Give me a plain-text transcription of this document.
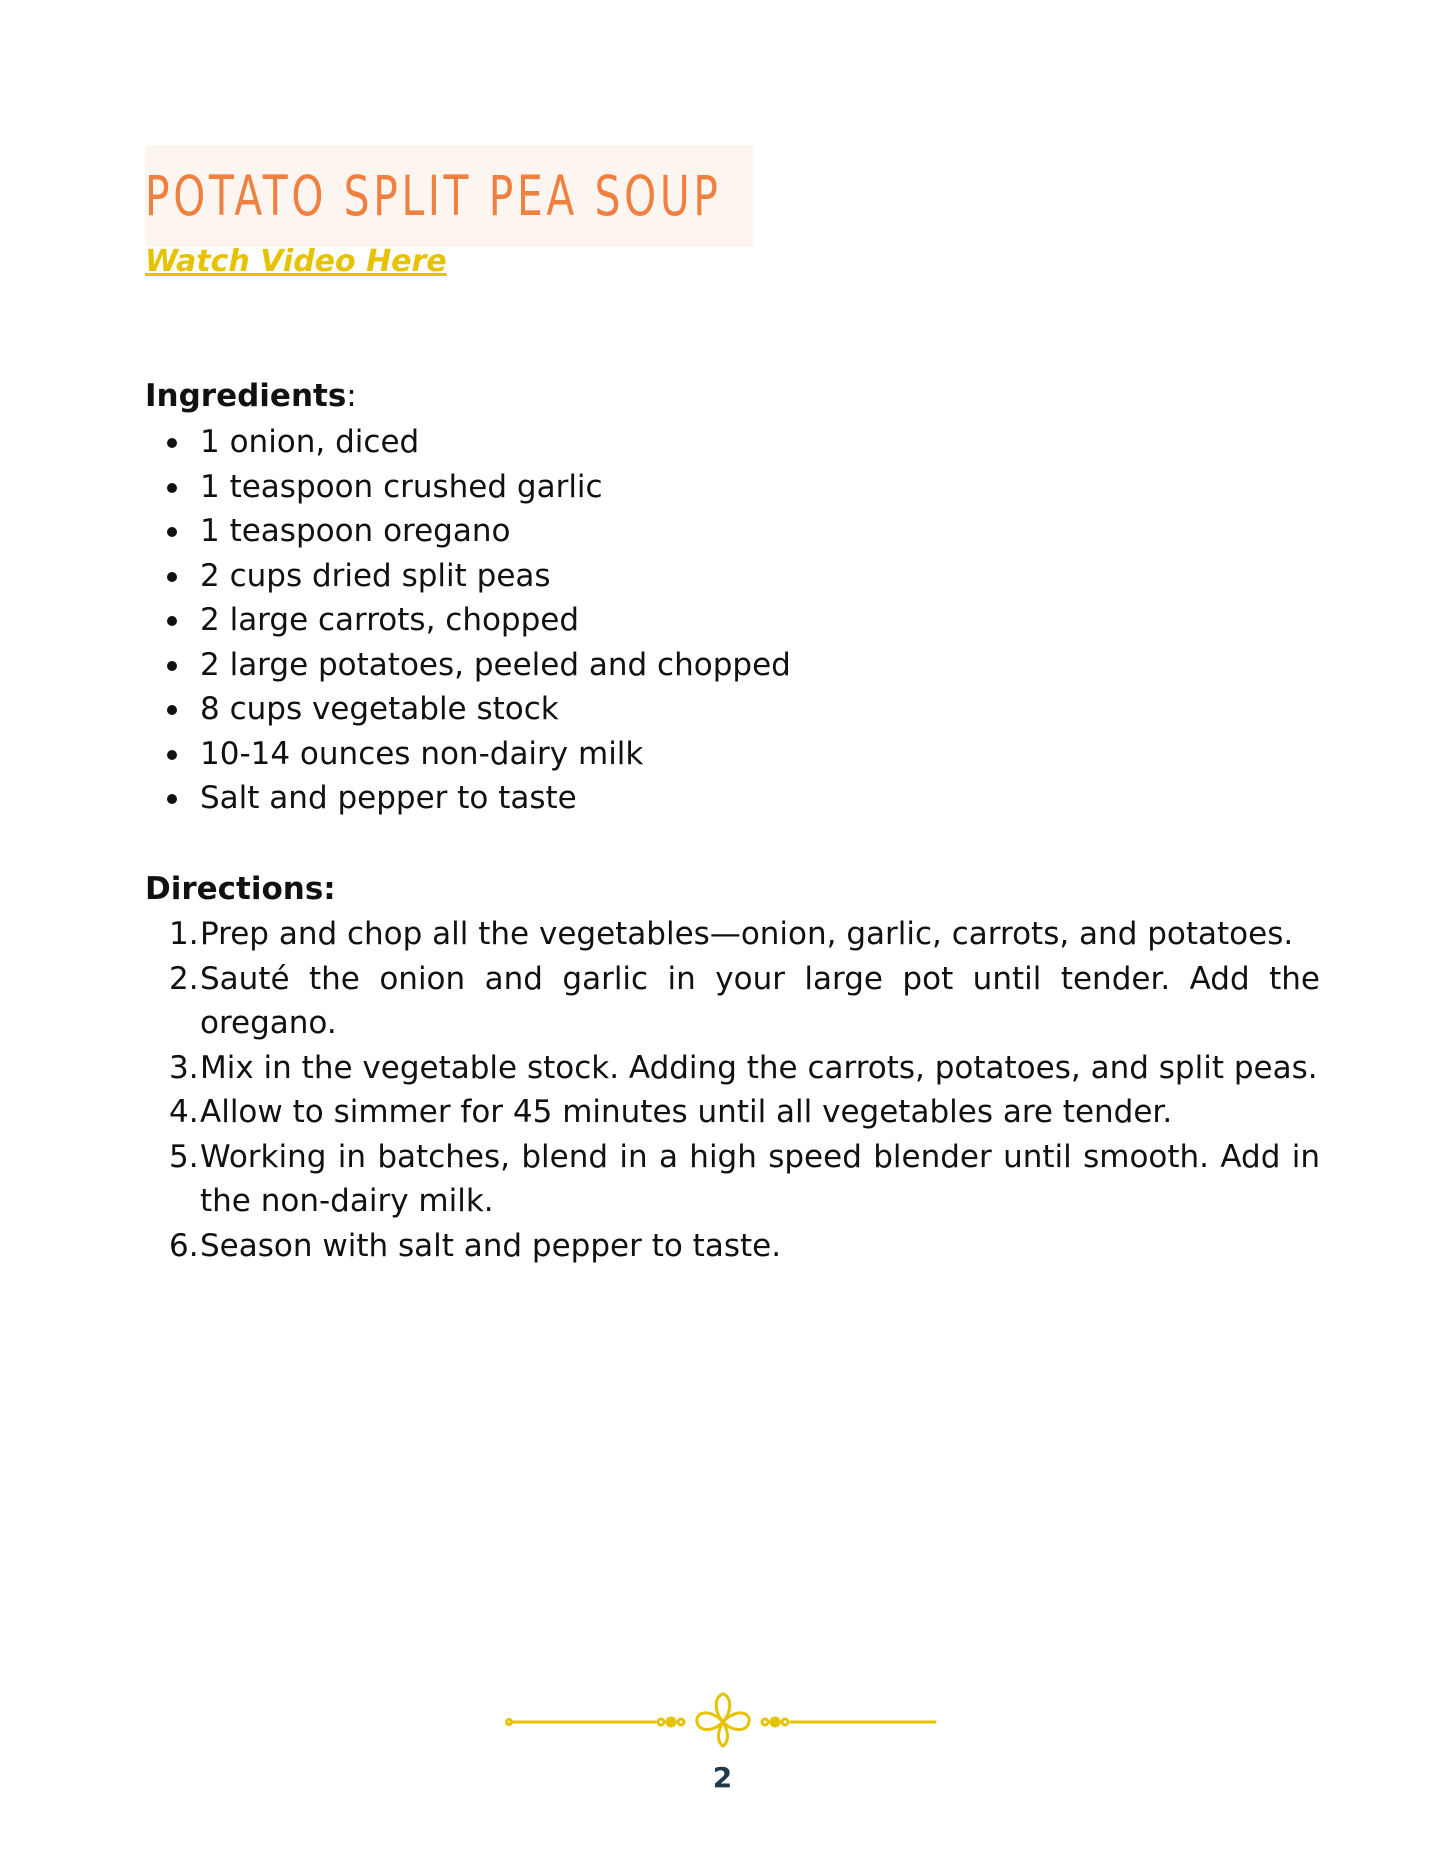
POTATO SPLIT PEA SOUP
Watch Video Here
Ingredients:
1 onion, diced
1 teaspoon crushed garlic
1 teaspoon oregano
2 cups dried split peas
2 large carrots, chopped
2 large potatoes, peeled and chopped
8 cups vegetable stock
10-14 ounces non-dairy milk
Salt and pepper to taste
Directions:
1. Prep and chop all the vegetables—onion, garlic, carrots, and potatoes.
2. Sauté the onion and garlic in your large pot until tender. Add the oregano.
3. Mix in the vegetable stock. Adding the carrots, potatoes, and split peas.
4. Allow to simmer for 45 minutes until all vegetables are tender.
5. Working in batches, blend in a high speed blender until smooth. Add in the non-dairy milk.
6. Season with salt and pepper to taste.
2
